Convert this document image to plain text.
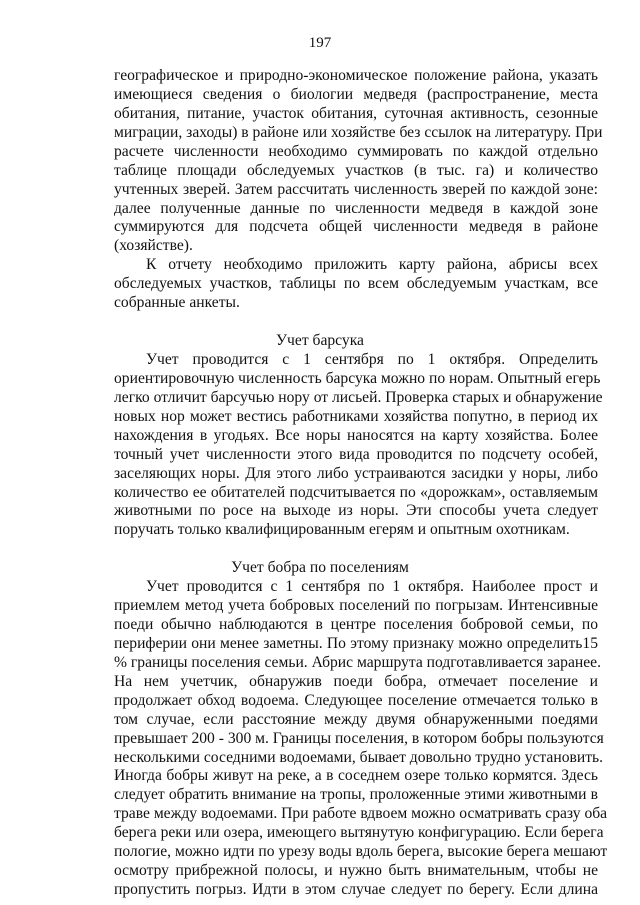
197
географическое и природно-экономическое положение района, указать
имеющиеся сведения о биологии медведя (распространение, места
обитания, питание, участок обитания, суточная активность, сезонные
миграции, заходы) в районе или хозяйстве без ссылок на литературу. При
расчете численности необходимо суммировать по каждой отдельно
таблице площади обследуемых участков (в тыс. га) и количество
учтенных зверей. Затем рассчитать численность зверей по каждой зоне:
далее полученные данные по численности медведя в каждой зоне
суммируются для подсчета общей численности медведя в районе
(хозяйстве).
К отчету необходимо приложить карту района, абрисы всех
обследуемых участков, таблицы по всем обследуемым участкам, все
собранные анкеты.
Учет барсука
Учет проводится с 1 сентября по 1 октября. Определить
ориентировочную численность барсука можно по норам. Опытный егерь
легко отличит барсучью нору от лисьей. Проверка старых и обнаружение
новых нор может вестись работниками хозяйства попутно, в период их
нахождения в угодьях. Все норы наносятся на карту хозяйства. Более
точный учет численности этого вида проводится по подсчету особей,
заселяющих норы. Для этого либо устраиваются засидки у норы, либо
количество ее обитателей подсчитывается по «дорожкам», оставляемым
животными по росе на выходе из норы. Эти способы учета следует
поручать только квалифицированным егерям и опытным охотникам.
Учет бобра по поселениям
Учет проводится с 1 сентября по 1 октября. Наиболее прост и
приемлем метод учета бобровых поселений по погрызам. Интенсивные
поеди обычно наблюдаются в центре поселения бобровой семьи, по
периферии они менее заметны. По этому признаку можно определить15
% границы поселения семьи. Абрис маршрута подготавливается заранее.
На нем учетчик, обнаружив поеди бобра, отмечает поселение и
продолжает обход водоема. Следующее поселение отмечается только в
том случае, если расстояние между двумя обнаруженными поедями
превышает 200 - 300 м. Границы поселения, в котором бобры пользуются
несколькими соседними водоемами, бывает довольно трудно установить.
Иногда бобры живут на реке, а в соседнем озере только кормятся. Здесь
следует обратить внимание на тропы, проложенные этими животными в
траве между водоемами. При работе вдвоем можно осматривать сразу оба
берега реки или озера, имеющего вытянутую конфигурацию. Если берега
пологие, можно идти по урезу воды вдоль берега, высокие берега мешают
осмотру прибрежной полосы, и нужно быть внимательным, чтобы не
пропустить погрыз. Идти в этом случае следует по берегу. Если длина
